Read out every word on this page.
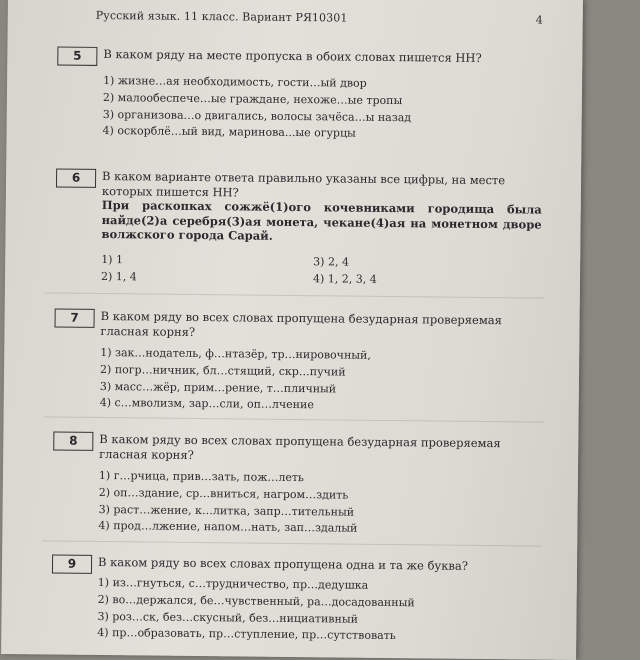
Русский язык. 11 класс. Вариант РЯ10301	4
5	В каком ряду на месте пропуска в обоих словах пишется НН?
1) жизне…ая необходимость, гости…ый двор
2) малообеспече…ые граждане, нехоже…ые тропы
3) организова…о двигались, волосы зачёса…ы назад
4) оскорблё…ый вид, маринова...ые огурцы
6	В каком варианте ответа правильно указаны все цифры, на месте которых пишется НН?
При раскопках сожжё(1)ого кочевниками городища была найде(2)а серебря(3)ая монета, чекане(4)ая на монетном дворе волжского города Сарай.
1) 1	3) 2, 4
2) 1, 4	4) 1, 2, 3, 4
7	В каком ряду во всех словах пропущена безударная проверяемая гласная корня?
1) зак…нодатель, ф…нтазёр, тр…нировочный,
2) погр…ничник, бл…стящий, скр…пучий
3) масс…жёр, прим…рение, т…пличный
4) с…мволизм, зар…сли, оп…лчение
8	В каком ряду во всех словах пропущена безударная проверяемая гласная корня?
1) г…рчица, прив…зать, пож…леть
2) оп…здание, ср…вниться, нагром…здить
3) раст…жение, к…литка, запр…тительный
4) прод…лжение, напом…нать, зап…здалый
9	В каком ряду во всех словах пропущена одна и та же буква?
1) из…гнуться, с…трудничество, пр…дедушка
2) во…держался, бе…чувственный, ра…досадованный
3) роз…ск, без…скусный, без…нициативный
4) пр…образовать, пр…ступление, пр…сутствовать
